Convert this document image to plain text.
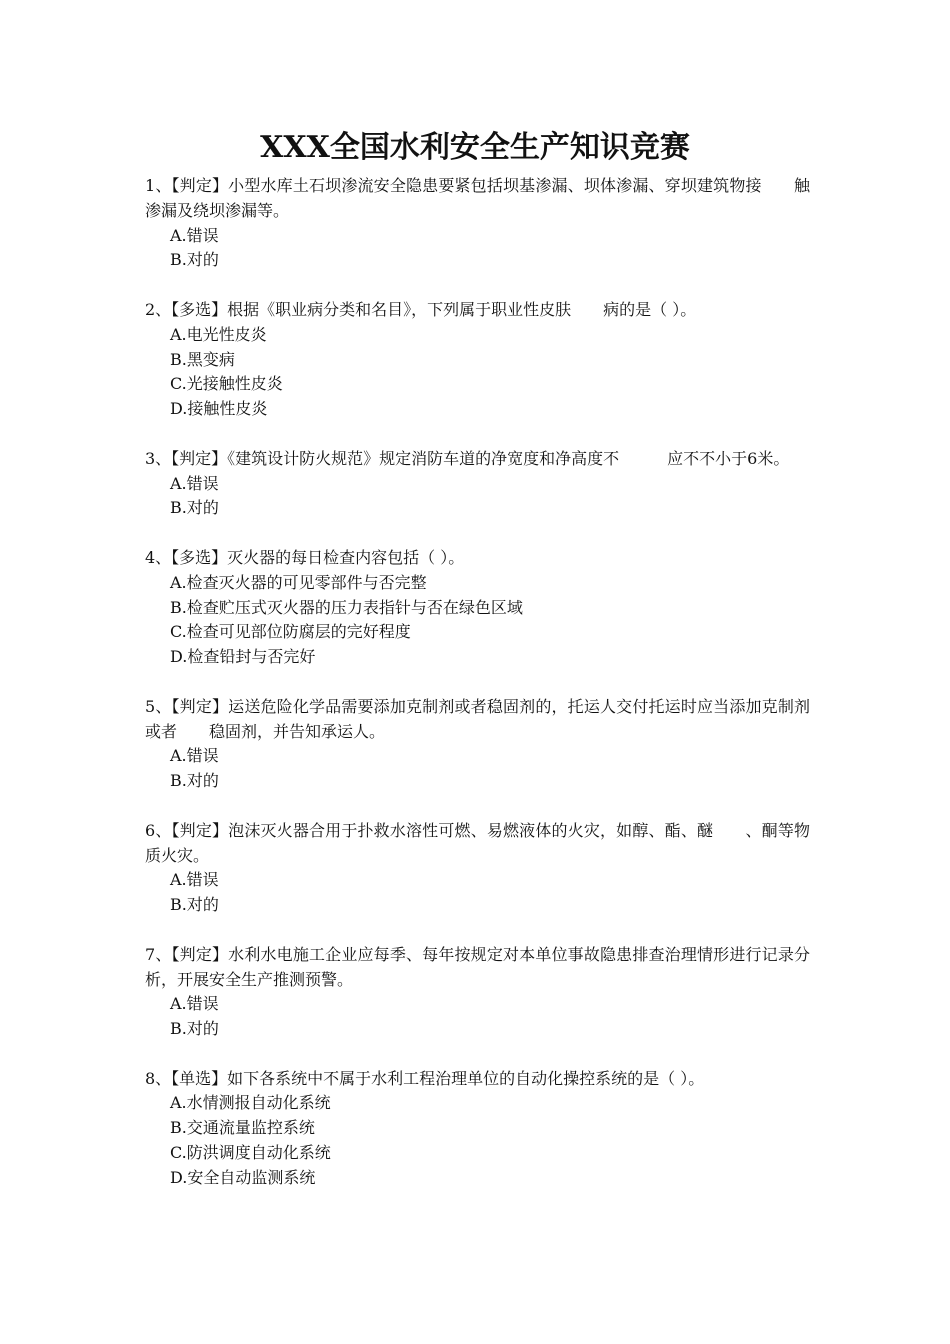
XXX全国水利安全生产知识竞赛
1、【判定】小型水库土石坝渗流安全隐患要紧包括坝基渗漏、坝体渗漏、穿坝建筑物接　　触渗漏及绕坝渗漏等。
A.错误
B.对的
2、【多选】根据《职业病分类和名目》，下列属于职业性皮肤　　病的是（ ）。
A.电光性皮炎
B.黑变病
C.光接触性皮炎
D.接触性皮炎
3、【判定】《建筑设计防火规范》规定消防车道的净宽度和净高度不　　　应不不小于6米。
A.错误
B.对的
4、【多选】灭火器的每日检查内容包括（ ）。
A.检查灭火器的可见零部件与否完整
B.检查贮压式灭火器的压力表指针与否在绿色区域
C.检查可见部位防腐层的完好程度
D.检查铅封与否完好
5、【判定】运送危险化学品需要添加克制剂或者稳固剂的，托运人交付托运时应当添加克制剂或者　　稳固剂，并告知承运人。
A.错误
B.对的
6、【判定】泡沫灭火器合用于扑救水溶性可燃、易燃液体的火灾，如醇、酯、醚　　、酮等物质火灾。
A.错误
B.对的
7、【判定】水利水电施工企业应每季、每年按规定对本单位事故隐患排查治理情形进行记录分析，开展安全生产推测预警。
A.错误
B.对的
8、【单选】如下各系统中不属于水利工程治理单位的自动化操控系统的是（ ）。
A.水情测报自动化系统
B.交通流量监控系统
C.防洪调度自动化系统
D.安全自动监测系统
